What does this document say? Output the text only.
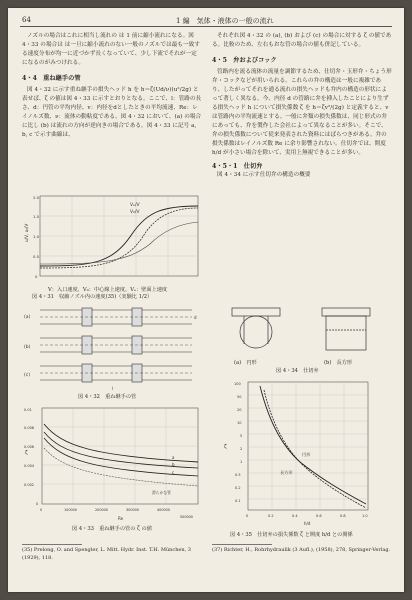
64	1 編　気体・液体の一般の流れ

ノズルの場合はこれに相当し流れの は 1 前に縮小流れになる。図 4・33 の場合は は一旦に縮小流れのない一般のノズルでは最も一致する速度分布が均一に近づかず長くなっていて、少し下流でそれが一定になるのがみつけれる。

4・4　重ね継手の管

図 4・32 に示す重ね継手の損失ヘッド h を h＝ζ(Ud/ν)(u²/2g) と表せば、ζ の値は図 4・33 に示すとおりとなる。ここで、l：管路の長さ、d：円管の平均内径、v：内径をdとしたときの平均流速、Re：レイノルズ数、ν：流体の動粘度である。図 4・32 において、(a) の場合に比し (b) は流れの方向が逆向きの場合である。図 4・33 に記号 a, b, c で示す曲線は、

Vₑ/V
V₀/V
u/V, u₀/V
2.0
1.5
1.0
0.5
0
V：入口速度、V₀：中心線上速度、Vₑ：壁面上速度
図 4・31　収縮ノズル内の速度(35)（実験比 1/2）
(a)
(b)
(c)
d
l
図 4・32　重ね継手の管
a
b
c
滑らかな管
ζ
0.01
0.008
0.006
0.004
0.002
0
0	100000	200000	300000	400000
500000
Re
図 4・33　重ね継手の管の ζ の値

それぞれ図 4・32 の (a), (b) および (c) の場合に対する ζ の値である。比較のため、左右もおな管の場合の値も併記している。

4・5　弁およびコック

管路内を流る流体の流量を調節するため、仕切弁・玉形弁・ちょう形弁・コックなどが用いられる。これらの弁の構造は一般に複雑であり、したがってそれを通る流れの損失ヘッドも弁内の構造の形状によって著しく異なる。今、内径 d の管路に弁を挿入したことにより生ずる損失ヘッド h について損失係数 ζ を h＝ζv²/(2g) と定義すると、v は管路内の平均流速とする。一般に弁類の損失係数は、同じ形式の弁にあっても、弁を製作した会社によって異なることが多い。そこで、弁の損失係数について従来発表された資料にはばらつきがある。弁の損失係数はレイノルズ数 Re に余り影響されない。仕切弁では、開度 h/d が小さい場合を除いて、実用上無視できることが多い。

4・5・1　仕切弁

図 4・34 に示す仕切弁の構造の概要

(a)　円形	(b)　長方形
図 4・34　仕切弁
円形
長方形
ζ
100
50
20
10
5
2
1
0.5
0.2
0.1
0	0.2	0.4	0.6	0.8	1.0
h/d
図 4・35　仕切弁の損失係数 ζ と開度 h/d との関係
(35) Prelong, O. and Spengler, L. Mitt. Hydr. Inst. T.H. München, 3 (1929), 118.
(37) Richter, H., Rohrhydraulik (3 Aufl.), (1958), 278, Springer-Verlag.
